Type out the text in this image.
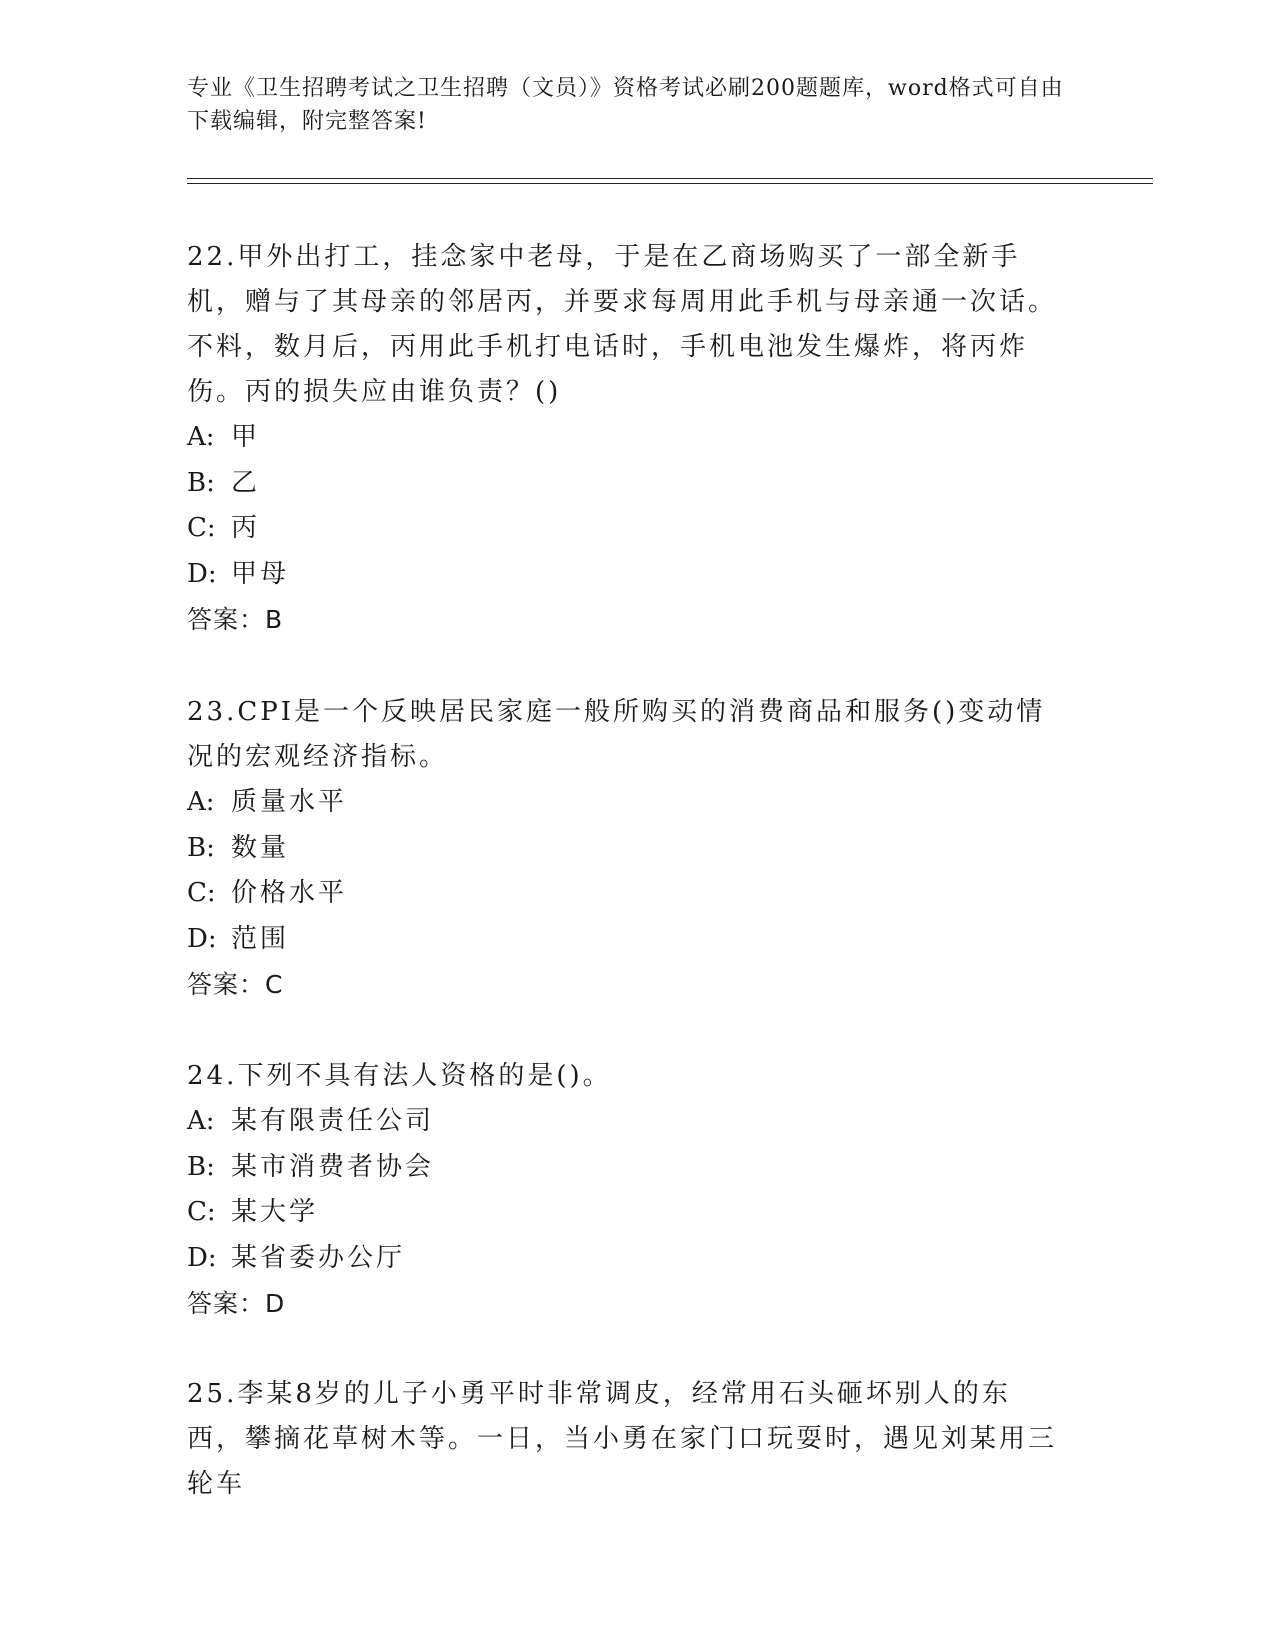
专业《卫生招聘考试之卫生招聘（文员）》资格考试必刷200题题库，word格式可自由下载编辑，附完整答案!

22.甲外出打工，挂念家中老母，于是在乙商场购买了一部全新手机，赠与了其母亲的邻居丙，并要求每周用此手机与母亲通一次话。不料，数月后，丙用此手机打电话时，手机电池发生爆炸，将丙炸伤。丙的损失应由谁负责？()

A: 甲
B: 乙
C: 丙
D: 甲母
答案：B

23.CPI是一个反映居民家庭一般所购买的消费商品和服务()变动情况的宏观经济指标。

A: 质量水平
B: 数量
C: 价格水平
D: 范围
答案：C

24.下列不具有法人资格的是()。

A: 某有限责任公司
B: 某市消费者协会
C: 某大学
D: 某省委办公厅
答案：D

25.李某8岁的儿子小勇平时非常调皮，经常用石头砸坏别人的东西，攀摘花草树木等。一日，当小勇在家门口玩耍时，遇见刘某用三轮车
